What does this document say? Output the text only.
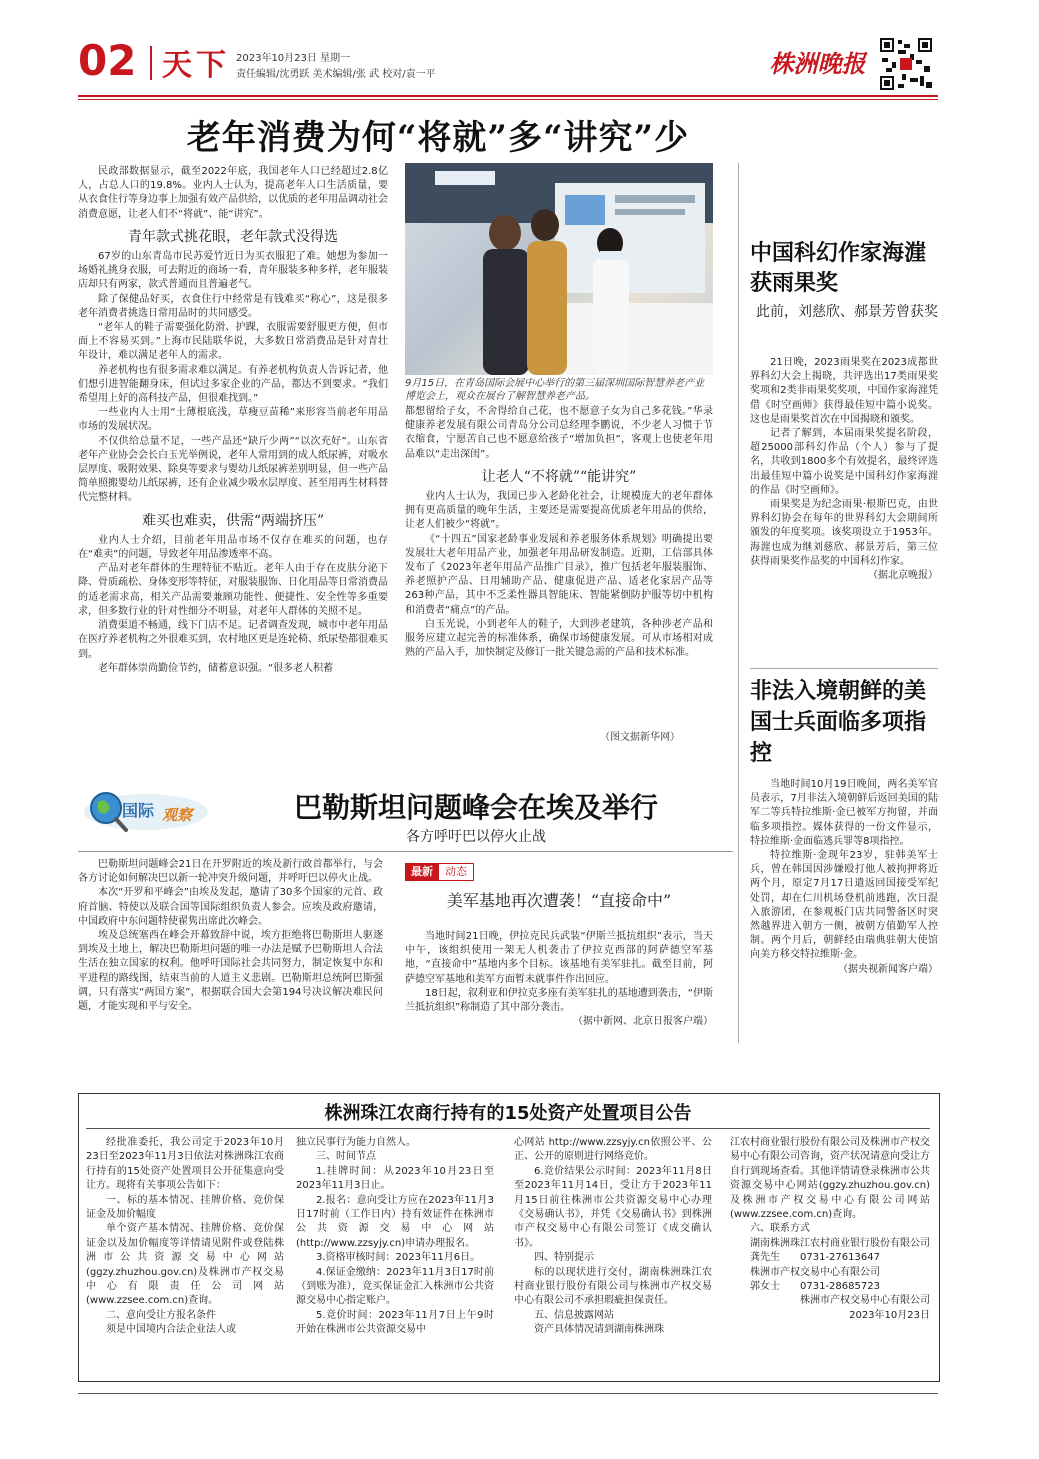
02 天下 2023年10月23日 星期一
责任编辑/沈勇跃 美术编辑/张 武 校对/袁一平	株洲晚报
老年消费为何“将就”多“讲究”少

民政部数据显示，截至2022年底，我国老年人口已经超过2.8亿人，占总人口的19.8%。业内人士认为，提高老年人口生活质量，要从衣食住行等身边事上加强有效产品供给，以优质的老年用品调动社会消费意愿，让老人们不“将就”、能“讲究”。

青年款式挑花眼，老年款式没得选

67岁的山东青岛市民苏爱竹近日为买衣服犯了难。她想为参加一场婚礼挑身衣服，可去附近的商场一看，青年服装多种多样，老年服装店却只有两家，款式普通而且普遍老气。

除了保健品好买，衣食住行中经常是有钱难买“称心”，这是很多老年消费者挑选日常用品时的共同感受。

“老年人的鞋子需要强化防滑、护踝，衣服需要舒服更方便，但市面上不容易买到。”上海市民陆联华说，大多数日常消费品是针对青壮年设计，难以满足老年人的需求。

养老机构也有很多需求难以满足。有养老机构负责人告诉记者，他们想引进智能翻身床，但试过多家企业的产品，都达不到要求。“我们希望用上好的高科技产品，但很难找到。”

一些业内人士用“土薄根底浅，草瘦豆苗稀”来形容当前老年用品市场的发展状况。

不仅供给总量不足，一些产品还“缺斤少两”“以次充好”。山东省老年产业协会会长白玉光举例说，老年人常用到的成人纸尿裤，对吸水层厚度、吸附效果、除臭等要求与婴幼儿纸尿裤差别明显，但一些产品简单照搬婴幼儿纸尿裤，还有企业减少吸水层厚度、甚至用再生材料替代完整材料。

难买也难卖，供需“两端挤压”

业内人士介绍，目前老年用品市场不仅存在难买的问题，也存在“难卖”的问题，导致老年用品渗透率不高。

产品对老年群体的生理特征不贴近。老年人由于存在皮肤分泌下降、骨质疏松、身体变形等特征，对服装服饰、日化用品等日常消费品的适老需求高，相关产品需要兼顾功能性、便捷性、安全性等多重要求，但多数行业的针对性细分不明显，对老年人群体的关照不足。

消费渠道不畅通，线下门店不足。记者调查发现，城市中老年用品在医疗养老机构之外很难买到，农村地区更是连轮椅、纸尿垫都很难买到。

老年群体崇尚勤俭节约，储蓄意识强。“很多老人积蓄

9月15日，在青岛国际会展中心举行的第三届深圳国际智慧养老产业博览会上，观众在展台了解智慧养老产品。

都想留给子女，不舍得给自己花，也不愿意子女为自己多花钱。”华录健康养老发展有限公司青岛分公司总经理李鹏说，不少老人习惯于节衣缩食，宁愿苦自己也不愿意给孩子“增加负担”，客观上也使老年用品难以“走出深闺”。

让老人“不将就”“能讲究”

业内人士认为，我国已步入老龄化社会，让规模庞大的老年群体拥有更高质量的晚年生活，主要还是需要提高优质老年用品的供给，让老人们被少“将就”。

《“十四五”国家老龄事业发展和养老服务体系规划》明确提出要发展壮大老年用品产业，加强老年用品研发制造。近期，工信部具体发布了《2023年老年用品产品推广目录》，推广包括老年服装服饰、养老照护产品、日用辅助产品、健康促进产品、适老化家居产品等263种产品，其中不乏柔性器具智能床、智能紧倒防护服等切中机构和消费者“痛点”的产品。

白玉光说，小到老年人的鞋子，大到涉老建筑，各种涉老产品和服务应建立起完善的标准体系，确保市场健康发展。可从市场相对成熟的产品入手，加快制定及修订一批关键急需的产品和技术标准。

（图文据新华网）
中国科幻作家海漄获雨果奖
此前，刘慈欣、郝景芳曾获奖

21日晚，2023雨果奖在2023成都世界科幻大会上揭晓，共评选出17类雨果奖奖项和2类非雨果奖奖项，中国作家海漄凭借《时空画师》获得最佳短中篇小说奖。这也是雨果奖首次在中国揭晓和颁奖。

记者了解到，本届雨果奖提名阶段，超25000部科幻作品（个人）参与了提名，共收到1800多个有效提名，最终评选出最佳短中篇小说奖是中国科幻作家海漄的作品《时空画师》。

雨果奖是为纪念雨果·根斯巴克，由世界科幻协会在每年的世界科幻大会期间所颁发的年度奖项。该奖项设立于1953年。海漄也成为继刘慈欣、郝景芳后，第三位获得雨果奖作品奖的中国科幻作家。

（据北京晚报）
非法入境朝鲜的美国士兵面临多项指控

当地时间10月19日晚间，两名美军官员表示，7月非法入境朝鲜后返回美国的陆军二等兵特拉维斯·金已被军方拘留，并面临多项指控。媒体获得的一份文件显示，特拉维斯·金面临逃兵罪等8项指控。

特拉维斯·金现年23岁，驻韩美军士兵，曾在韩国因涉嫌殴打他人被拘押将近两个月，原定7月17日遣返回国接受军纪处罚，却在仁川机场登机前逃跑，次日混入旅游团，在参观板门店共同警备区时突然越界进入朝方一侧，被朝方值勤军人控制。两个月后，朝鲜经由瑞典驻朝大使馆向美方移交特拉维斯·金。

（据央视新闻客户端）
国际 观察	巴勒斯坦问题峰会在埃及举行
各方呼吁巴以停火止战

巴勒斯坦问题峰会21日在开罗附近的埃及新行政首都举行，与会各方讨论如何解决巴以新一轮冲突升级问题，并呼吁巴以停火止战。

本次“开罗和平峰会”由埃及发起，邀请了30多个国家的元首、政府首脑、特使以及联合国等国际组织负责人参会。应埃及政府邀请，中国政府中东问题特使翟隽出席此次峰会。

埃及总统塞西在峰会开幕致辞中说，埃方拒绝将巴勒斯坦人驱逐到埃及土地上，解决巴勒斯坦问题的唯一办法是赋予巴勒斯坦人合法生活在独立国家的权利。他呼吁国际社会共同努力，制定恢复中东和平进程的路线图，结束当前的人道主义悲剧。巴勒斯坦总统阿巴斯强调，只有落实“两国方案”，根据联合国大会第194号决议解决难民问题，才能实现和平与安全。

最新 动态
美军基地再次遭袭！“直接命中”

当地时间21日晚，伊拉克民兵武装“伊斯兰抵抗组织”表示，当天中午，该组织使用一架无人机袭击了伊拉克西部的阿萨德空军基地，“直接命中”基地内多个目标。该基地有美军驻扎。截至目前，阿萨德空军基地和美军方面暂未就事件作出回应。

18日起，叙利亚和伊拉克多座有美军驻扎的基地遭到袭击，“伊斯兰抵抗组织”称制造了其中部分袭击。

（据中新网、北京日报客户端）
株洲珠江农商行持有的15处资产处置项目公告

经批准委托，我公司定于2023年10月23日至2023年11月3日依法对株洲珠江农商行持有的15处资产处置项目公开征集意向受让方。现将有关事项公告如下：

一、标的基本情况、挂牌价格、竞价保证金及加价幅度

单个资产基本情况、挂牌价格、竞价保证金以及加价幅度等详情请见附件或登陆株洲市公共资源交易中心网站(ggzy.zhuzhou.gov.cn)及株洲市产权交易中心有限责任公司网站(www.zzsee.com.cn)查询。

二、意向受让方报名条件

须是中国境内合法企业法人或

独立民事行为能力自然人。

三、时间节点

1.挂牌时间：从2023年10月23日至2023年11月3日止。

2.报名：意向受让方应在2023年11月3日17时前（工作日内）持有效证件在株洲市公共资源交易中心网站(http://www.zzsyjy.cn)申请办理报名。

3.资格审核时间：2023年11月6日。

4.保证金缴纳：2023年11月3日17时前（到账为准），竞买保证金汇入株洲市公共资源交易中心指定账户。

5.竞价时间：2023年11月7日上午9时开始在株洲市公共资源交易中

心网站 http://www.zzsyjy.cn依照公平、公正、公开的原则进行网络竞价。

6.竞价结果公示时间：2023年11月8日至2023年11月14日，受让方于2023年11月15日前往株洲市公共资源交易中心办理《交易确认书》，并凭《交易确认书》到株洲市产权交易中心有限公司签订《成交确认书》。

四、特别提示

标的以现状进行交付，湖南株洲珠江农村商业银行股份有限公司与株洲市产权交易中心有限公司不承担瑕疵担保责任。

五、信息披露网站

资产具体情况请到湖南株洲珠

江农村商业银行股份有限公司及株洲市产权交易中心有限公司咨询，资产状况请意向受让方自行到现场查看。其他详情请登录株洲市公共资源交易中心网站(ggzy.zhuzhou.gov.cn)及株洲市产权交易中心有限公司网站(www.zzsee.com.cn)查询。

六、联系方式

湖南株洲珠江农村商业银行股份有限公司

龚先生　　0731-27613647

株洲市产权交易中心有限公司

郭女士　　0731-28685723

株洲市产权交易中心有限公司

2023年10月23日
